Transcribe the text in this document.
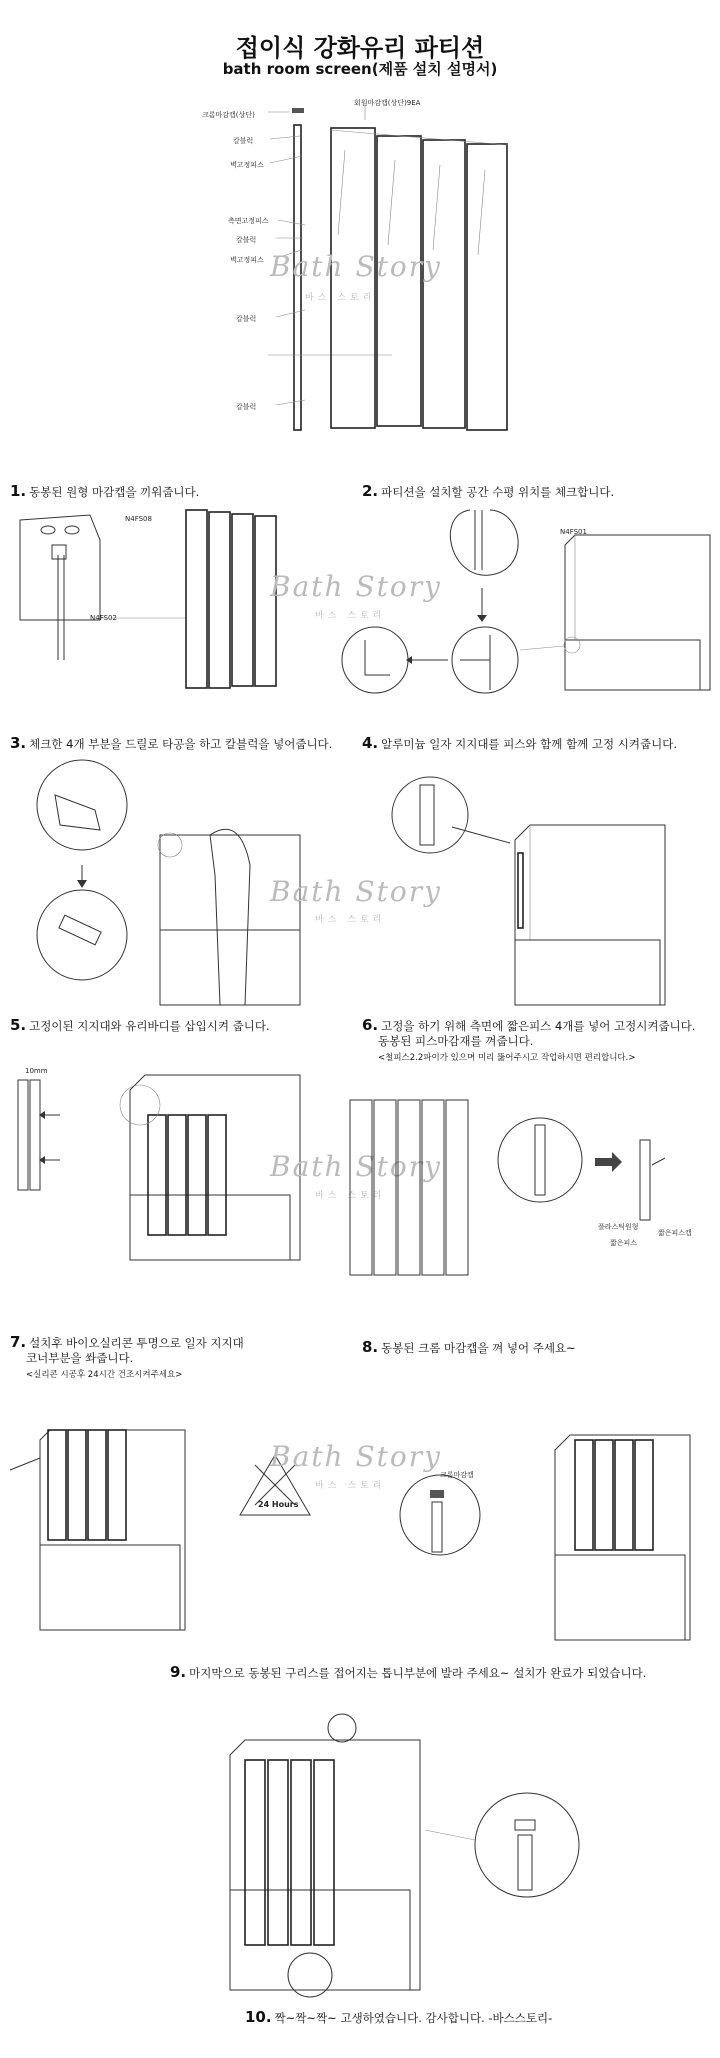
접이식 강화유리 파티션
bath room screen(제품 설치 설명서)
회원마감캡(상단)9EA
크롬마감캡(상단)
칼블럭
벽고정피스
측면고정피스
칼블럭
벽고정피스
칼블럭
칼블럭
Bath Story
바스 스토리
1. 동봉된 원형 마감캡을 끼워줍니다.
N4FS08
N4FS02
Bath Story
바스 스토리
2. 파티션을 설치할 공간 수평 위치를 체크합니다.
N4FS01
3. 체크한 4개 부분을 드릴로 타공을 하고 칼블럭을 넣어줍니다.
Bath Story
바스 스토리
4. 알루미늄 일자 지지대를 피스와 함께 함께 고정 시켜줍니다.
5. 고정이된 지지대와 유리바디를 삽입시켜 줍니다.
10mm
Bath Story
바스 스토리
6. 고정을 하기 위해 측면에 짧은피스 4개를 넣어 고정시켜줍니다.
동봉된 피스마감재를 껴줍니다.
<철피스2.2파이가 있으며 미리 뚫어주시고 작업하시면 편리합니다.>
플라스틱원형
짧은피스
짧은피스캡
7. 설치후 바이오실리콘 투명으로 일자 지지대
코너부분을 쏴줍니다.
<실리콘 시공후 24시간 건조시켜주세요>
24 Hours
Bath Story
바스 스토리
8. 동봉된 크롬 마감캡을 껴 넣어 주세요~
크롬마감캡
9. 마지막으로 동봉된 구리스를 접어지는 톱니부분에 발라 주세요~ 설치가 완료가 되었습니다.
10. 짝~짝~짝~ 고생하였습니다. 감사합니다. -바스스토리-
